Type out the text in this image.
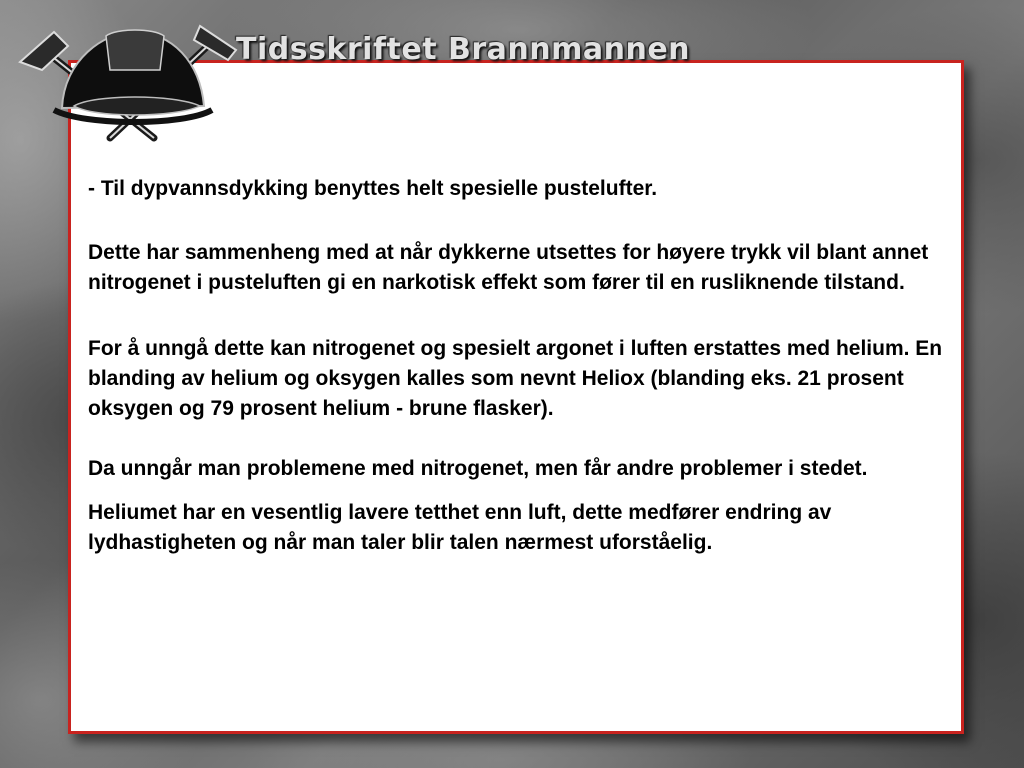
Tidsskriftet Brannmannen

- Til dypvannsdykking benyttes helt spesielle pustelufter.

Dette har sammenheng med at når dykkerne utsettes for høyere trykk vil blant annet nitrogenet i pusteluften gi en narkotisk effekt som fører til en rusliknende tilstand.

For å unngå dette kan nitrogenet og spesielt argonet i luften erstattes med helium. En blanding av helium og oksygen kalles som nevnt Heliox (blanding eks. 21 prosent oksygen og 79 prosent helium - brune flasker).

Da unngår man problemene med nitrogenet, men får andre problemer i stedet.

Heliumet har en vesentlig lavere tetthet enn luft, dette medfører endring av lydhastigheten og når man taler blir talen nærmest uforståelig.
